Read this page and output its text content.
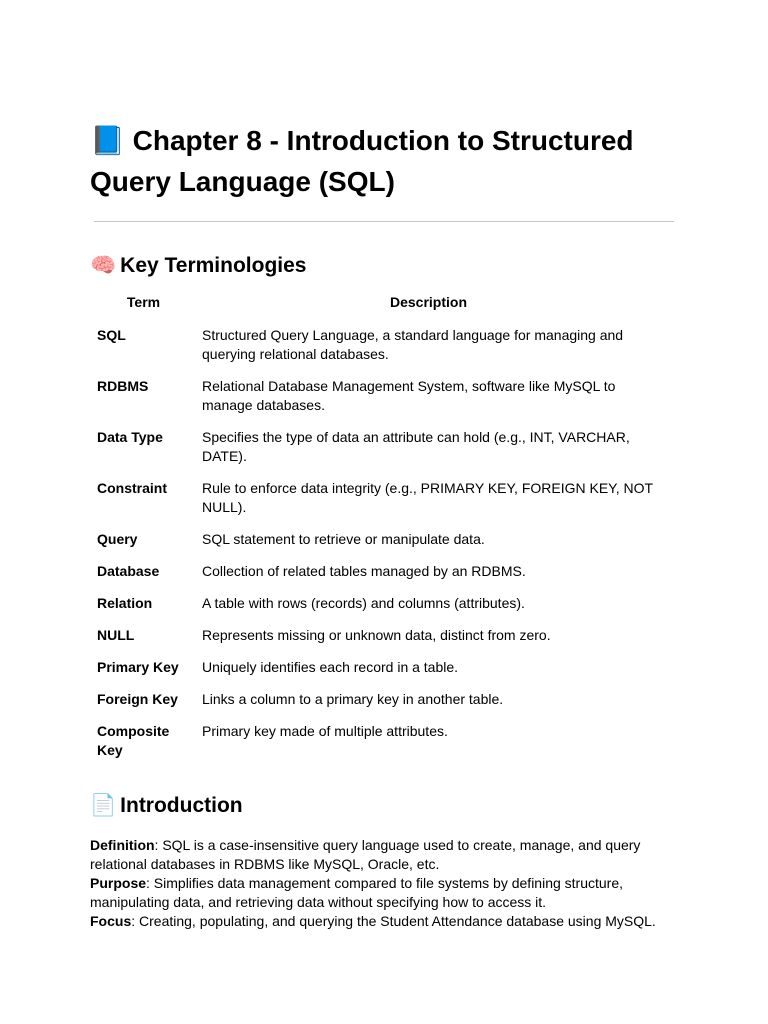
📘 Chapter 8 - Introduction to Structured Query Language (SQL)
🧠 Key Terminologies
Term	Description
SQL	Structured Query Language, a standard language for managing and querying relational databases.
RDBMS	Relational Database Management System, software like MySQL to manage databases.
Data Type	Specifies the type of data an attribute can hold (e.g., INT, VARCHAR, DATE).
Constraint	Rule to enforce data integrity (e.g., PRIMARY KEY, FOREIGN KEY, NOT NULL).
Query	SQL statement to retrieve or manipulate data.
Database	Collection of related tables managed by an RDBMS.
Relation	A table with rows (records) and columns (attributes).
NULL	Represents missing or unknown data, distinct from zero.
Primary Key	Uniquely identifies each record in a table.
Foreign Key	Links a column to a primary key in another table.
Composite Key	Primary key made of multiple attributes.
📄 Introduction

Definition: SQL is a case-insensitive query language used to create, manage, and query relational databases in RDBMS like MySQL, Oracle, etc.

Purpose: Simplifies data management compared to file systems by defining structure, manipulating data, and retrieving data without specifying how to access it.

Focus: Creating, populating, and querying the Student Attendance database using MySQL.
